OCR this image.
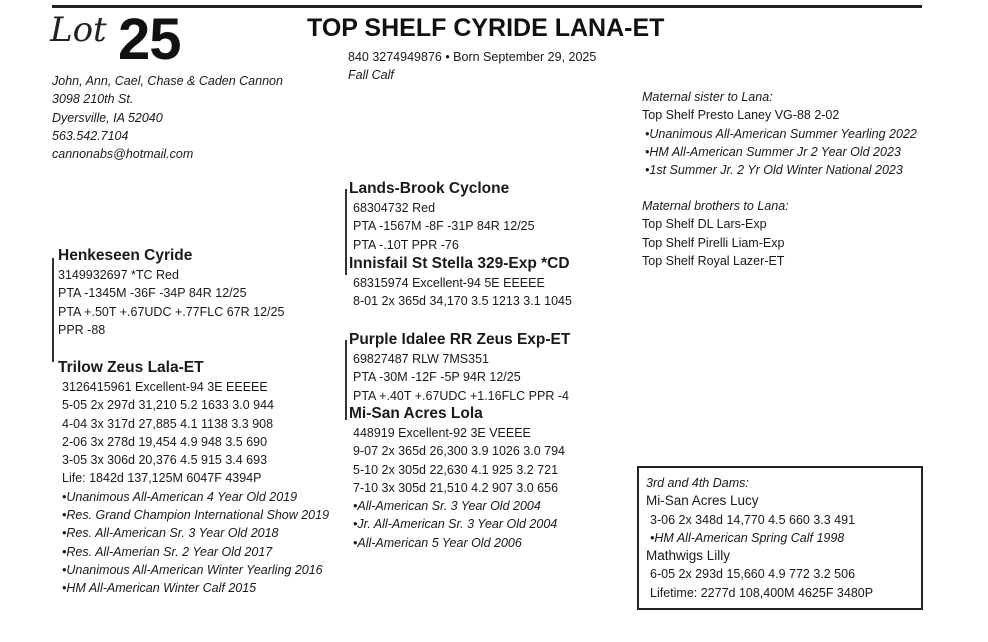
Lot 25	TOP SHELF CYRIDE LANA-ET
840 3274949876 • Born September 29, 2025
Fall Calf
John, Ann, Cael, Chase & Caden Cannon
3098 210th St.
Dyersville, IA 52040
563.542.7104
cannonabs@hotmail.com
Henkeseen Cyride
3149932697 *TC Red
PTA -1345M -36F -34P 84R 12/25
PTA +.50T +.67UDC +.77FLC 67R 12/25
PPR -88
Trilow Zeus Lala-ET
3126415961 Excellent-94 3E EEEEE
5-05 2x 297d 31,210 5.2 1633 3.0 944
4-04 3x 317d 27,885 4.1 1138 3.3 908
2-06 3x 278d 19,454 4.9 948 3.5 690
3-05 3x 306d 20,376 4.5 915 3.4 693
Life: 1842d 137,125M 6047F 4394P
•Unanimous All-American 4 Year Old 2019
•Res. Grand Champion International Show 2019
•Res. All-American Sr. 3 Year Old 2018
•Res. All-Amerian Sr. 2 Year Old 2017
•Unanimous All-American Winter Yearling 2016
•HM All-American Winter Calf 2015
Lands-Brook Cyclone
68304732 Red
PTA -1567M -8F -31P 84R 12/25
PTA -.10T PPR -76
Innisfail St Stella 329-Exp *CD
68315974 Excellent-94 5E EEEEE
8-01 2x 365d 34,170 3.5 1213 3.1 1045
Purple Idalee RR Zeus Exp-ET
69827487 RLW 7MS351
PTA -30M -12F -5P 94R 12/25
PTA +.40T +.67UDC +1.16FLC PPR -4
Mi-San Acres Lola
448919 Excellent-92 3E VEEEE
9-07 2x 365d 26,300 3.9 1026 3.0 794
5-10 2x 305d 22,630 4.1 925 3.2 721
7-10 3x 305d 21,510 4.2 907 3.0 656
•All-American Sr. 3 Year Old 2004
•Jr. All-American Sr. 3 Year Old 2004
•All-American 5 Year Old 2006
Maternal sister to Lana:
Top Shelf Presto Laney VG-88 2-02
•Unanimous All-American Summer Yearling 2022
•HM All-American Summer Jr 2 Year Old 2023
•1st Summer Jr. 2 Yr Old Winter National 2023
Maternal brothers to Lana:
Top Shelf DL Lars-Exp
Top Shelf Pirelli Liam-Exp
Top Shelf Royal Lazer-ET
3rd and 4th Dams:
Mi-San Acres Lucy
3-06 2x 348d 14,770 4.5 660 3.3 491
•HM All-American Spring Calf 1998
Mathwigs Lilly
6-05 2x 293d 15,660 4.9 772 3.2 506
Lifetime: 2277d 108,400M 4625F 3480P
